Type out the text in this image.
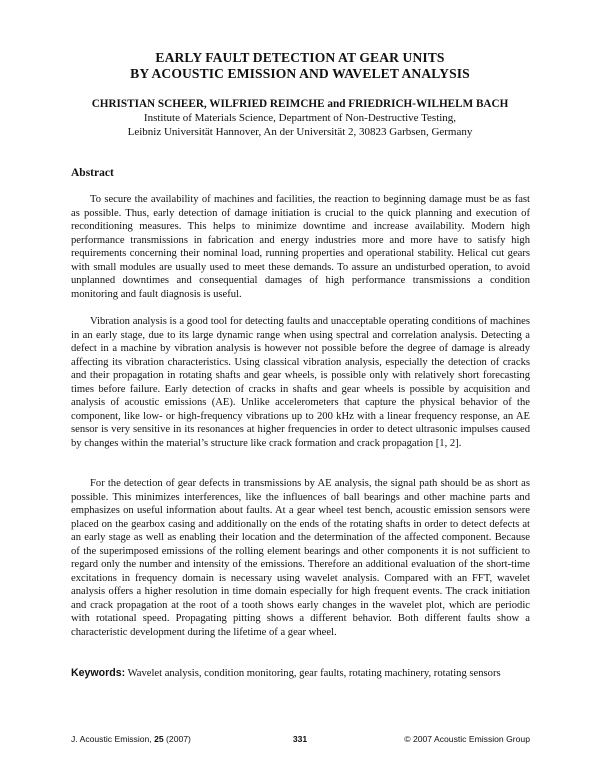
EARLY FAULT DETECTION AT GEAR UNITS
BY ACOUSTIC EMISSION AND WAVELET ANALYSIS
CHRISTIAN SCHEER, WILFRIED REIMCHE and FRIEDRICH-WILHELM BACH
Institute of Materials Science, Department of Non-Destructive Testing,
Leibniz Universität Hannover, An der Universität 2, 30823 Garbsen, Germany
Abstract

To secure the availability of machines and facilities, the reaction to beginning damage must be as fast as possible. Thus, early detection of damage initiation is crucial to the quick planning and execution of reconditioning measures. This helps to minimize downtime and increase availability. Modern high performance transmissions in fabrication and energy industries more and more have to satisfy high requirements concerning their nominal load, running properties and operational stability. Helical cut gears with small modules are usually used to meet these demands. To assure an undisturbed operation, to avoid unplanned downtimes and consequential damages of high performance transmissions a condition monitoring and fault diagnosis is useful.

Vibration analysis is a good tool for detecting faults and unacceptable operating conditions of machines in an early stage, due to its large dynamic range when using spectral and correlation analysis. Detecting a defect in a machine by vibration analysis is however not possible before the degree of damage is already affecting its vibration characteristics. Using classical vibration analysis, especially the detection of cracks and their propagation in rotating shafts and gear wheels, is possible only with relatively short forecasting times before failure. Early detection of cracks in shafts and gear wheels is possible by acquisition and analysis of acoustic emissions (AE). Unlike accelerometers that capture the physical behavior of the component, like low- or high-frequency vibrations up to 200 kHz with a linear frequency response, an AE sensor is very sensitive in its resonances at higher frequencies in order to detect ultrasonic impulses caused by changes within the material’s structure like crack formation and crack propagation [1, 2].

For the detection of gear defects in transmissions by AE analysis, the signal path should be as short as possible. This minimizes interferences, like the influences of ball bearings and other machine parts and emphasizes on useful information about faults. At a gear wheel test bench, acoustic emission sensors were placed on the gearbox casing and additionally on the ends of the rotating shafts in order to detect defects at an early stage as well as enabling their location and the determination of the affected component. Because of the superimposed emissions of the rolling element bearings and other components it is not sufficient to regard only the number and intensity of the emissions. Therefore an additional evaluation of the short-time excitations in frequency domain is necessary using wavelet analysis. Compared with an FFT, wavelet analysis offers a higher resolution in time domain especially for high frequent events. The crack initiation and crack propagation at the root of a tooth shows early changes in the wavelet plot, which are periodic with rotational speed. Propagating pitting shows a different behavior. Both different faults show a characteristic development during the lifetime of a gear wheel.

Keywords: Wavelet analysis, condition monitoring, gear faults, rotating machinery, rotating sensors

J. Acoustic Emission, 25 (2007)	331	© 2007 Acoustic Emission Group
